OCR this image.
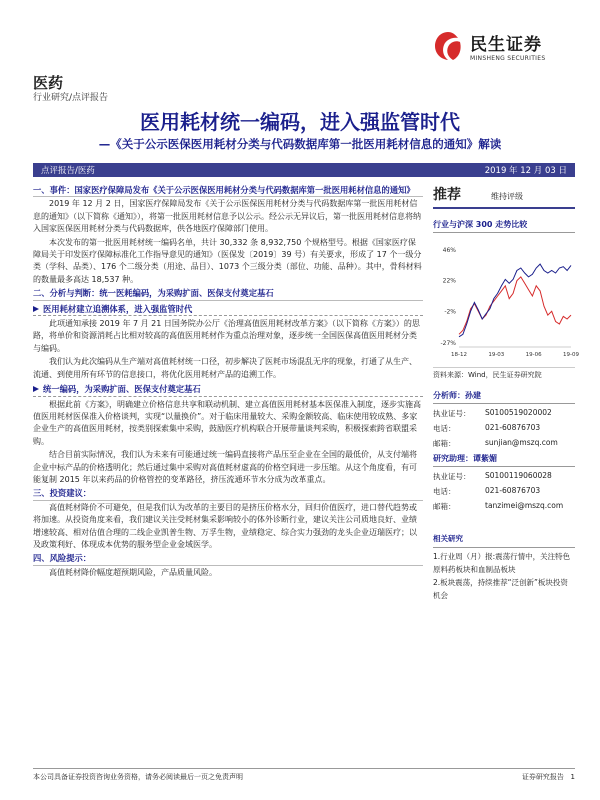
民生证券
MINSHENG SECURITIES
医药
行业研究/点评报告
医用耗材统一编码，进入强监管时代
—《关于公示医保医用耗材分类与代码数据库第一批医用耗材信息的通知》解读
点评报告/医药	2019 年 12 月 03 日
一、事件：国家医疗保障局发布《关于公示医保医用耗材分类与代码数据库第一批医用耗材信息的通知》
2019 年 12 月 2 日，国家医疗保障局发布《关于公示医保医用耗材分类与代码数据库第一批医用耗材信息的通知》（以下简称《通知》），将第一批医用耗材信息予以公示。经公示无异议后，第一批医用耗材信息将纳入国家医保医用耗材分类与代码数据库，供各地医疗保障部门使用。
本次发布的第一批医用耗材统一编码名单，共计 30,332 条 8,932,750 个规格型号。根据《国家医疗保障局关于印发医疗保障标准化工作指导意见的通知》（医保发〔2019〕39 号）有关要求，形成了 17 个一级分类（学科、品类）、176 个二级分类（用途、品目）、1073 个三级分类（部位、功能、品种）。其中，骨科材料的数量最多高达 18,537 种。
二、分析与判断：统一医耗编码，为采购扩面、医保支付奠定基石
医用耗材建立追溯体系，进入强监管时代
此项通知承接 2019 年 7 月 21 日国务院办公厅《治理高值医用耗材改革方案》（以下简称《方案》）的思路，将单价和资源消耗占比相对较高的高值医用耗材作为重点治理对象，逐步统一全国医保高值医用耗材分类与编码。
我们认为此次编码从生产端对高值耗材统一口径，初步解决了医耗市场混乱无序的现象，打通了从生产、流通、到使用所有环节的信息接口，将优化医用耗材产品的追溯工作。
统一编码，为采购扩面、医保支付奠定基石
根据此前《方案》，明确建立价格信息共享和联动机制、建立高值医用耗材基本医保准入制度，逐步实施高值医用耗材医保准入价格谈判，实现“以量换价”。对于临床用量较大、采购金额较高、临床使用较成熟、多家企业生产的高值医用耗材，按类别探索集中采购，鼓励医疗机构联合开展带量谈判采购，积极探索跨省联盟采购。
结合目前实际情况，我们认为未来有可能通过统一编码直接将产品压至企业在全国的最低价，从支付端将企业中标产品的价格透明化；然后通过集中采购对高值耗材虚高的价格空间进一步压缩。从这个角度看，有可能复制 2015 年以来药品的价格管控的变革路径，挤压流通环节水分成为改革重点。
三、投资建议：
高值耗材降价不可避免，但是我们认为改革的主要目的是挤压价格水分，回归价值医疗，进口替代趋势或将加速。从投资角度来看，我们建议关注受耗材集采影响较小的体外诊断行业，建议关注公司质地良好、业绩增速较高、相对估值合理的二线企业凯普生物、万孚生物，业绩稳定、综合实力强劲的龙头企业迈瑞医疗；以及政策利好、体现成本优势的服务型企业金域医学。
四、风险提示：
高值耗材降价幅度超预期风险，产品质量风险。
推荐	维持评级
行业与沪深 300 走势比较
46%
22%
-2%
-27%
18-12	19-03	19-06	19-09
资料来源：Wind，民生证券研究院
分析师：孙建
执业证号：	S0100519020002
电话：	021-60876703
邮箱：	sunjian@mszq.com
研究助理：谭紫媚
执业证号：	S0100119060028
电话：	021-60876703
邮箱：	tanzimei@mszq.com
相关研究
1.行业周（月）报:震荡行情中，关注特色原料药板块和血制品板块
2.板块震荡，持续推荐“泛创新”板块投资机会
本公司具备证券投资咨询业务资格，请务必阅读最后一页之免责声明	证券研究报告 1
